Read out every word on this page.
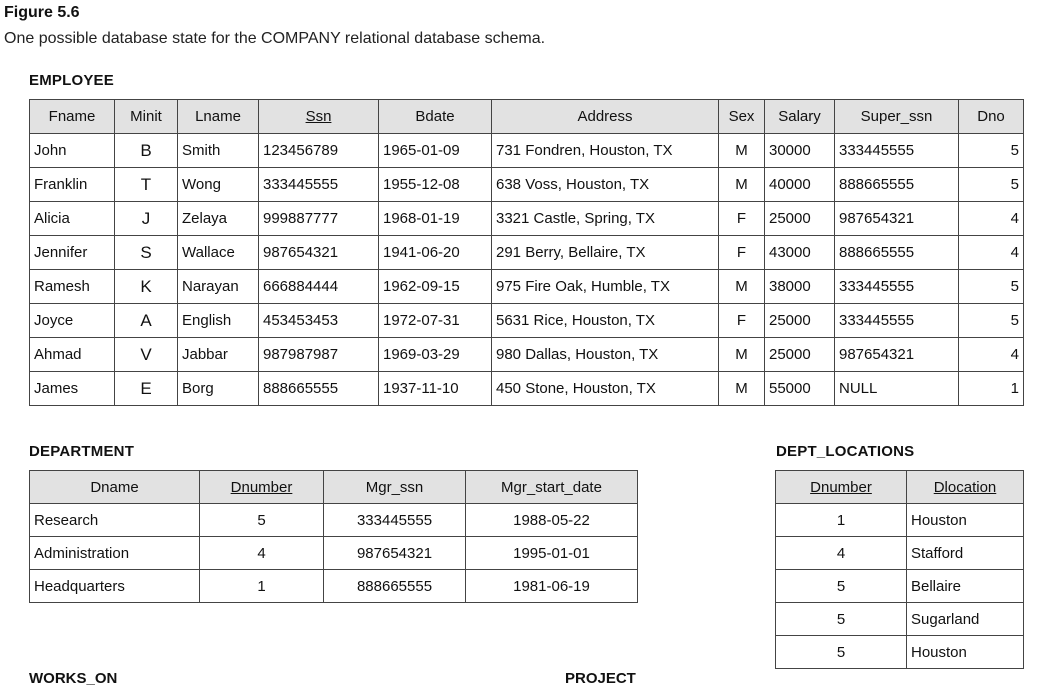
Figure 5.6
One possible database state for the COMPANY relational database schema.
EMPLOYEE
Fname	Minit	Lname	Ssn	Bdate	Address	Sex	Salary	Super_ssn	Dno
John	B	Smith	123456789	1965-01-09	731 Fondren, Houston, TX	M	30000	333445555	5
Franklin	T	Wong	333445555	1955-12-08	638 Voss, Houston, TX	M	40000	888665555	5
Alicia	J	Zelaya	999887777	1968-01-19	3321 Castle, Spring, TX	F	25000	987654321	4
Jennifer	S	Wallace	987654321	1941-06-20	291 Berry, Bellaire, TX	F	43000	888665555	4
Ramesh	K	Narayan	666884444	1962-09-15	975 Fire Oak, Humble, TX	M	38000	333445555	5
Joyce	A	English	453453453	1972-07-31	5631 Rice, Houston, TX	F	25000	333445555	5
Ahmad	V	Jabbar	987987987	1969-03-29	980 Dallas, Houston, TX	M	25000	987654321	4
James	E	Borg	888665555	1937-11-10	450 Stone, Houston, TX	M	55000	NULL	1
DEPARTMENT
Dname	Dnumber	Mgr_ssn	Mgr_start_date
Research	5	333445555	1988-05-22
Administration	4	987654321	1995-01-01
Headquarters	1	888665555	1981-06-19
DEPT_LOCATIONS
Dnumber	Dlocation
1	Houston
4	Stafford
5	Bellaire
5	Sugarland
5	Houston
WORKS_ON	PROJECT
